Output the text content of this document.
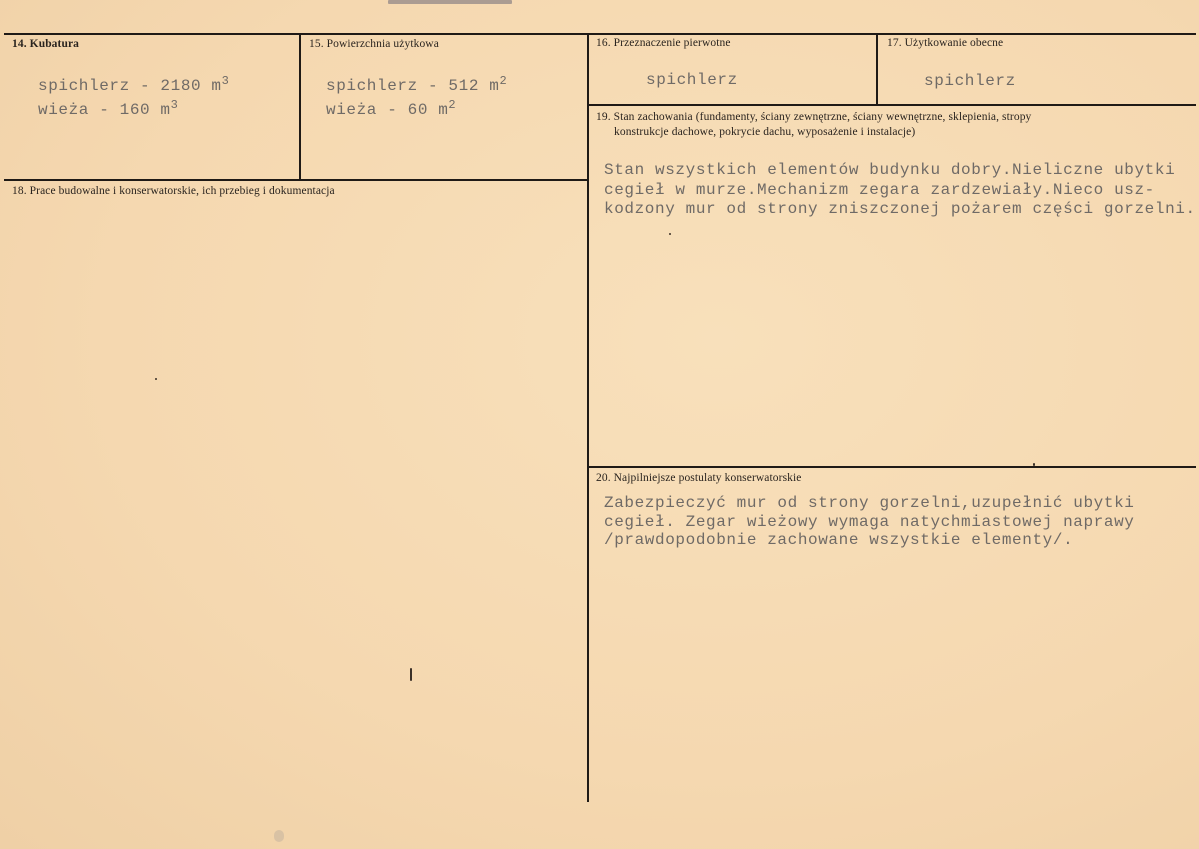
14. Kubatura
spichlerz - 2180 $m^3$
wieża - 160 $m^3$
15. Powierzchnia użytkowa
spichlerz - 512 $m^2$
wieża - 60 $m^2$
16. Przeznaczenie pierwotne
spichlerz
17. Użytkowanie obecne
spichlerz
18. Prace budowalne i konserwatorskie, ich przebieg i dokumentacja
19. Stan zachowania (fundamenty, ściany zewnętrzne, ściany wewnętrzne, sklepienia, stropy
konstrukcje dachowe, pokrycie dachu, wyposażenie i instalacje)
Stan wszystkich elementów budynku dobry.Nieliczne ubytki
cegieł w murze.Mechanizm zegara zardzewiały.Nieco usz-
kodzony mur od strony zniszczonej pożarem części gorzelni.
20. Najpilniejsze postulaty konserwatorskie
Zabezpieczyć mur od strony gorzelni,uzupełnić ubytki
cegieł. Zegar wieżowy wymaga natychmiastowej naprawy
/prawdopodobnie zachowane wszystkie elementy/.
